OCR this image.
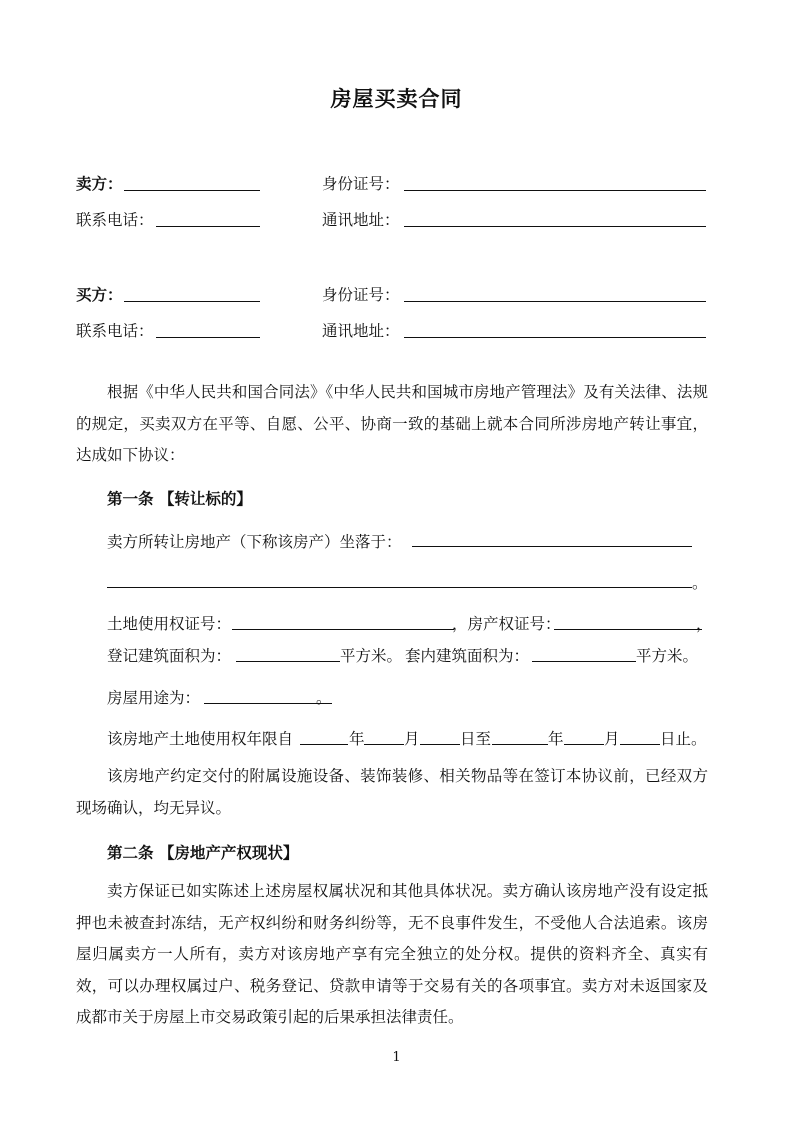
房屋买卖合同
卖方：	身份证号：
联系电话：	通讯地址：
买方：	身份证号：
联系电话：	通讯地址：
根据《中华人民共和国合同法》《中华人民共和国城市房地产管理法》及有关法律、法规的规定，买卖双方在平等、自愿、公平、协商一致的基础上就本合同所涉房地产转让事宜，达成如下协议：
第一条 【转让标的】
卖方所转让房地产（下称该房产）坐落于：
。
土地使用权证号：	，房产权证号：	，
登记建筑面积为：	平方米。 套内建筑面积为：	平方米。
房屋用途为：	。
该房地产土地使用权年限自	年	月	日至	年	月	日止。
该房地产约定交付的附属设施设备、装饰装修、相关物品等在签订本协议前，已经双方现场确认，均无异议。
第二条 【房地产产权现状】
卖方保证已如实陈述上述房屋权属状况和其他具体状况。卖方确认该房地产没有设定抵押也未被查封冻结，无产权纠纷和财务纠纷等，无不良事件发生，不受他人合法追索。该房屋归属卖方一人所有，卖方对该房地产享有完全独立的处分权。提供的资料齐全、真实有效，可以办理权属过户、税务登记、贷款申请等于交易有关的各项事宜。卖方对未返国家及成都市关于房屋上市交易政策引起的后果承担法律责任。
1
